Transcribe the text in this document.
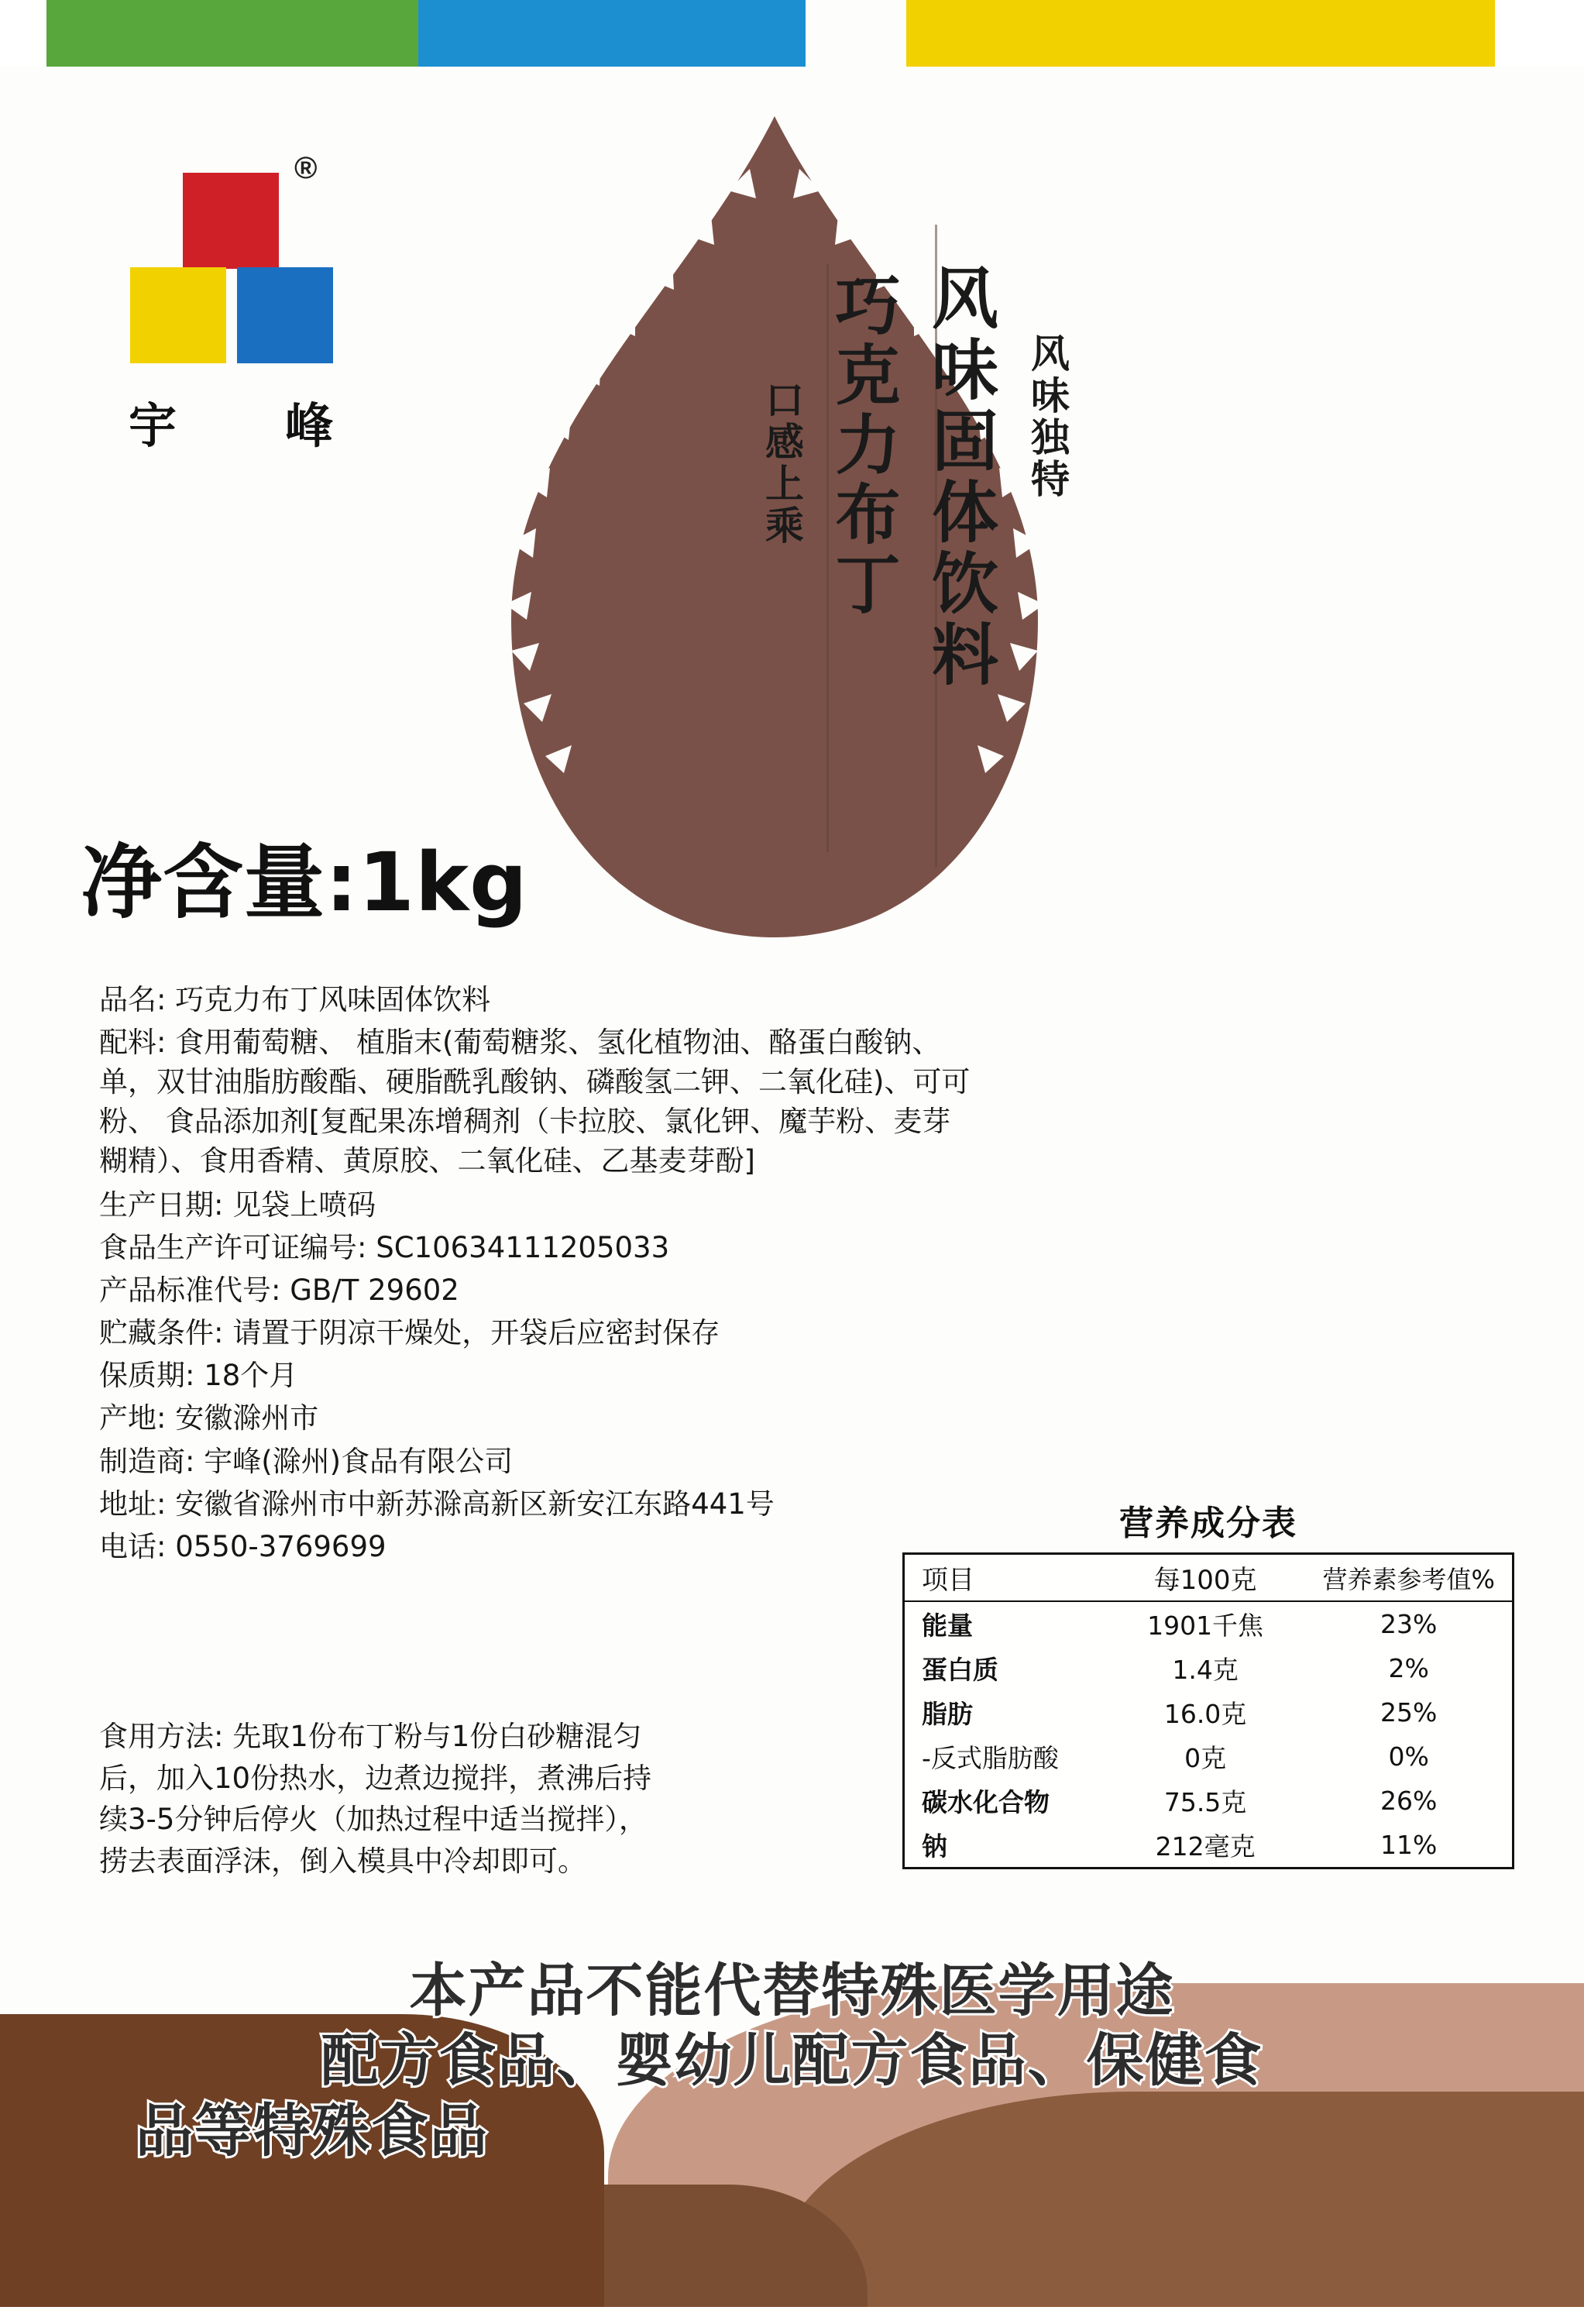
®
宇 峰	风味固体饮料
巧克力布丁	风味独特
口感上乘
净含量:1kg
品名: 巧克力布丁风味固体饮料
配料: 食用葡萄糖、 植脂末(葡萄糖浆、氢化植物油、酪蛋白酸钠、单，双甘油脂肪酸酯、硬脂酰乳酸钠、磷酸氢二钾、二氧化硅)、可可粉、 食品添加剂[复配果冻增稠剂（卡拉胶、氯化钾、魔芋粉、麦芽糊精）、食用香精、黄原胶、二氧化硅、乙基麦芽酚]
生产日期: 见袋上喷码
食品生产许可证编号: SC10634111205033
产品标准代号: GB/T 29602
贮藏条件: 请置于阴凉干燥处，开袋后应密封保存
保质期: 18个月
产地: 安徽滁州市
制造商: 宇峰(滁州)食品有限公司
地址: 安徽省滁州市中新苏滁高新区新安江东路441号
电话: 0550-3769699
食用方法: 先取1份布丁粉与1份白砂糖混匀后，加入10份热水，边煮边搅拌，煮沸后持续3-5分钟后停火（加热过程中适当搅拌），捞去表面浮沫，倒入模具中冷却即可。
营养成分表
项目	每100克	营养素参考值%
能量	1901千焦	23%
蛋白质	1.4克	2%
脂肪	16.0克	25%
-反式脂肪酸	0克	0%
碳水化合物	75.5克	26%
钠	212毫克	11%
本产品不能代替特殊医学用途
配方食品、婴幼儿配方食品、保健食
品等特殊食品
